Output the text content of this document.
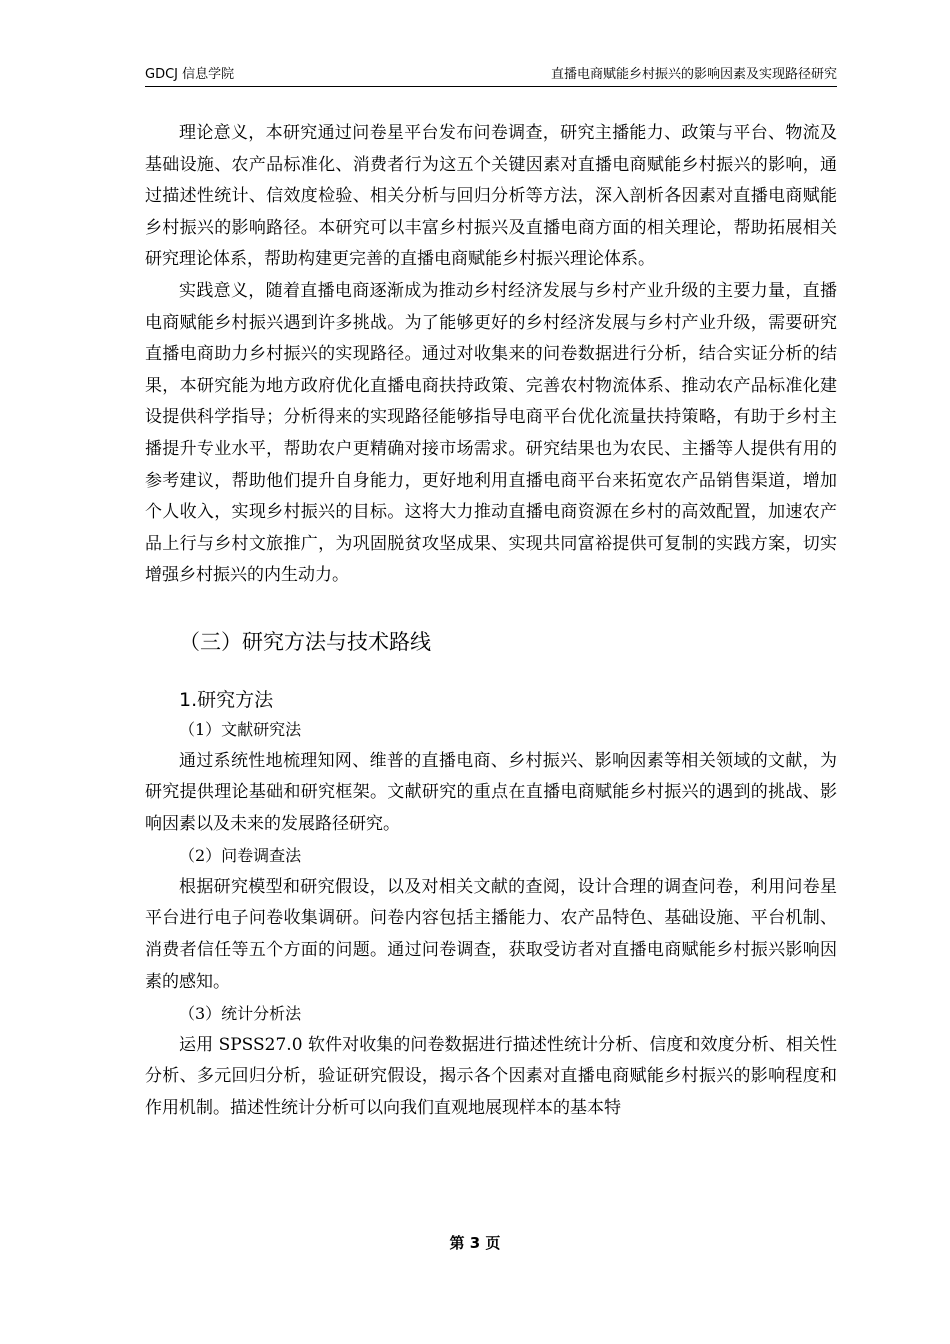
GDCJ 信息学院	直播电商赋能乡村振兴的影响因素及实现路径研究

理论意义，本研究通过问卷星平台发布问卷调查，研究主播能力、政策与平台、物流及基础设施、农产品标准化、消费者行为这五个关键因素对直播电商赋能乡村振兴的影响，通过描述性统计、信效度检验、相关分析与回归分析等方法，深入剖析各因素对直播电商赋能乡村振兴的影响路径。本研究可以丰富乡村振兴及直播电商方面的相关理论，帮助拓展相关研究理论体系，帮助构建更完善的直播电商赋能乡村振兴理论体系。

实践意义，随着直播电商逐渐成为推动乡村经济发展与乡村产业升级的主要力量，直播电商赋能乡村振兴遇到许多挑战。为了能够更好的乡村经济发展与乡村产业升级，需要研究直播电商助力乡村振兴的实现路径。通过对收集来的问卷数据进行分析，结合实证分析的结果，本研究能为地方政府优化直播电商扶持政策、完善农村物流体系、推动农产品标准化建设提供科学指导；分析得来的实现路径能够指导电商平台优化流量扶持策略，有助于乡村主播提升专业水平，帮助农户更精确对接市场需求。研究结果也为农民、主播等人提供有用的参考建议，帮助他们提升自身能力，更好地利用直播电商平台来拓宽农产品销售渠道，增加个人收入，实现乡村振兴的目标。这将大力推动直播电商资源在乡村的高效配置，加速农产品上行与乡村文旅推广，为巩固脱贫攻坚成果、实现共同富裕提供可复制的实践方案，切实增强乡村振兴的内生动力。

（三）研究方法与技术路线
1.研究方法
（1）文献研究法

通过系统性地梳理知网、维普的直播电商、乡村振兴、影响因素等相关领域的文献，为研究提供理论基础和研究框架。文献研究的重点在直播电商赋能乡村振兴的遇到的挑战、影响因素以及未来的发展路径研究。

（2）问卷调查法

根据研究模型和研究假设，以及对相关文献的查阅，设计合理的调查问卷，利用问卷星平台进行电子问卷收集调研。问卷内容包括主播能力、农产品特色、基础设施、平台机制、消费者信任等五个方面的问题。通过问卷调查，获取受访者对直播电商赋能乡村振兴影响因素的感知。

（3）统计分析法

运用 SPSS27.0 软件对收集的问卷数据进行描述性统计分析、信度和效度分析、相关性分析、多元回归分析，验证研究假设，揭示各个因素对直播电商赋能乡村振兴的影响程度和作用机制。描述性统计分析可以向我们直观地展现样本的基本特

第 3 页
